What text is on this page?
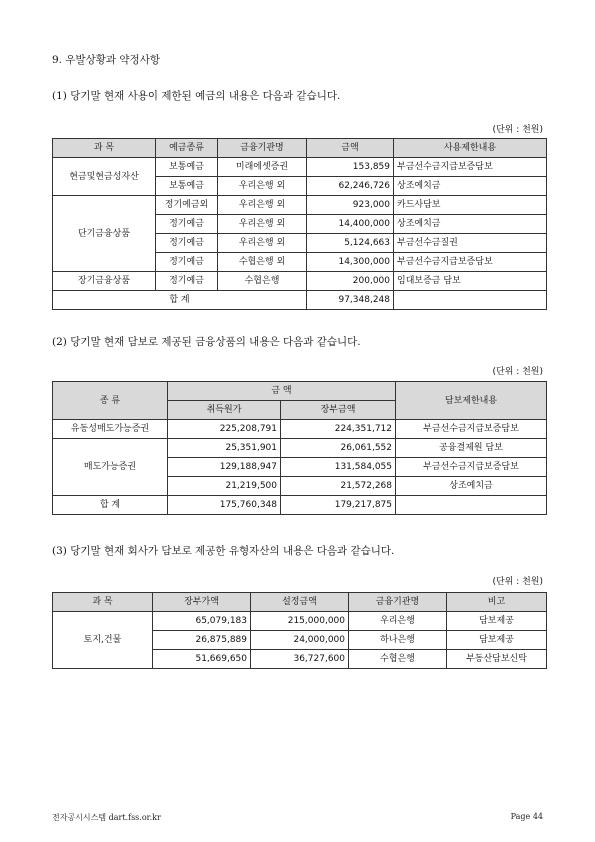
9. 우발상황과 약정사항
(1) 당기말 현재 사용이 제한된 예금의 내용은 다음과 같습니다.
(단위 : 천원)
과 목	예금종류	금융기관명	금액	사용제한내용
현금및현금성자산	보통예금	미래에셋증권	153,859	부금선수금지급보증담보
	보통예금	우리은행 외	62,246,726	상조예치금
단기금융상품	정기예금외	우리은행 외	923,000	카드사담보
	정기예금	우리은행 외	14,400,000	상조예치금
	정기예금	우리은행 외	5,124,663	부금선수금질권
	정기예금	수협은행 외	14,300,000	부금선수금지급보증담보
장기금융상품	정기예금	수협은행	200,000	임대보증금 담보
합 계			97,348,248	
(2) 당기말 현재 담보로 제공된 금융상품의 내용은 다음과 같습니다.
(단위 : 천원)
종 류	금 액		담보제한내용
	취득원가	장부금액	
유동성매도가능증권	225,208,791	224,351,712	부금선수금지급보증담보
매도가능증권	25,351,901	26,061,552	공융결제원 담보
	129,188,947	131,584,055	부금선수금지급보증담보
	21,219,500	21,572,268	상조예치금
합 계	175,760,348	179,217,875	
(3) 당기말 현재 회사가 담보로 제공한 유형자산의 내용은 다음과 같습니다.
(단위 : 천원)
과 목	장부가액	설정금액	금융기관명	비고
토지,건물	65,079,183	215,000,000	우리은행	담보제공
	26,875,889	24,000,000	하나은행	담보제공
	51,669,650	36,727,600	수협은행	부동산담보신탁
전자공시시스템 dart.fss.or.kr	Page 44
